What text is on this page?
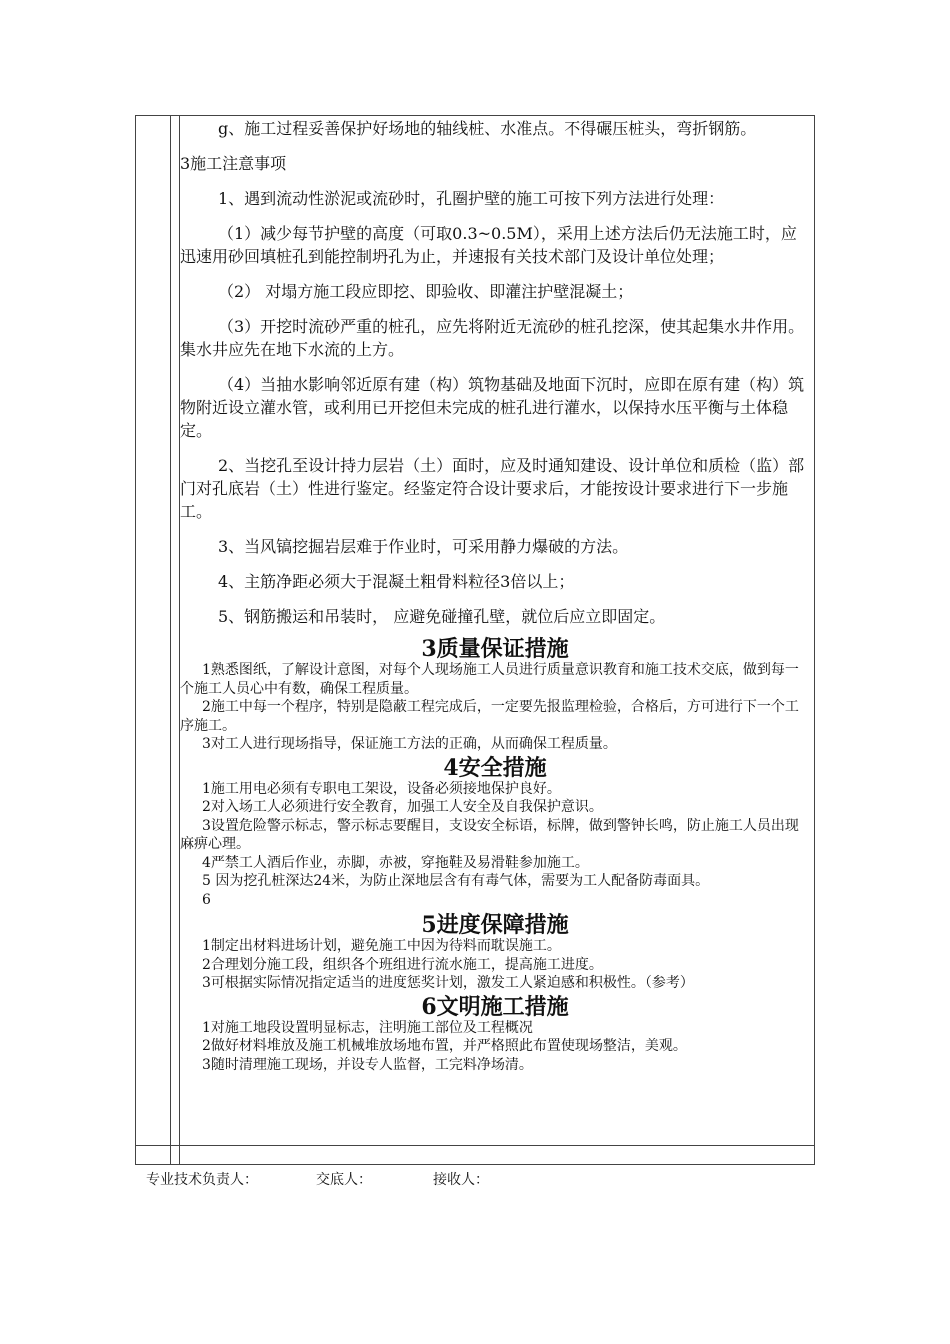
g、施工过程妥善保护好场地的轴线桩、水准点。不得碾压桩头，弯折钢筋。

3施工注意事项

1、遇到流动性淤泥或流砂时，孔圈护壁的施工可按下列方法进行处理：

（1）减少每节护壁的高度（可取0.3~0.5M），采用上述方法后仍无法施工时，应迅速用砂回填桩孔到能控制坍孔为止，并速报有关技术部门及设计单位处理；

（2） 对塌方施工段应即挖、即验收、即灌注护壁混凝土；

（3）开挖时流砂严重的桩孔，应先将附近无流砂的桩孔挖深，使其起集水井作用。集水井应先在地下水流的上方。

（4）当抽水影响邻近原有建（构）筑物基础及地面下沉时，应即在原有建（构）筑物附近设立灌水管，或利用已开挖但未完成的桩孔进行灌水，以保持水压平衡与土体稳定。

2、当挖孔至设计持力层岩（土）面时，应及时通知建设、设计单位和质检（监）部门对孔底岩（土）性进行鉴定。经鉴定符合设计要求后，才能按设计要求进行下一步施工。

3、当风镐挖掘岩层难于作业时，可采用静力爆破的方法。

4、主筋净距必须大于混凝土粗骨料粒径3倍以上；

5、钢筋搬运和吊装时， 应避免碰撞孔壁，就位后应立即固定。

3质量保证措施

1熟悉图纸，了解设计意图，对每个人现场施工人员进行质量意识教育和施工技术交底，做到每一个施工人员心中有数，确保工程质量。

2施工中每一个程序，特别是隐蔽工程完成后，一定要先报监理检验，合格后，方可进行下一个工序施工。

3对工人进行现场指导，保证施工方法的正确，从而确保工程质量。

4安全措施

1施工用电必须有专职电工架设，设备必须接地保护良好。

2对入场工人必须进行安全教育，加强工人安全及自我保护意识。

3设置危险警示标志，警示标志要醒目，支设安全标语，标牌，做到警钟长鸣，防止施工人员出现麻痹心理。

4严禁工人酒后作业，赤脚，赤被，穿拖鞋及易滑鞋参加施工。

5 因为挖孔桩深达24米，为防止深地层含有有毒气体，需要为工人配备防毒面具。

6

5进度保障措施

1制定出材料进场计划，避免施工中因为待料而耽误施工。

2合理划分施工段，组织各个班组进行流水施工，提高施工进度。

3可根据实际情况指定适当的进度惩奖计划，激发工人紧迫感和积极性。（参考）

6文明施工措施

1对施工地段设置明显标志，注明施工部位及工程概况

2做好材料堆放及施工机械堆放场地布置，并严格照此布置使现场整洁，美观。

3随时清理施工现场，并设专人监督，工完料净场清。

专业技术负责人：	交底人：	接收人：
